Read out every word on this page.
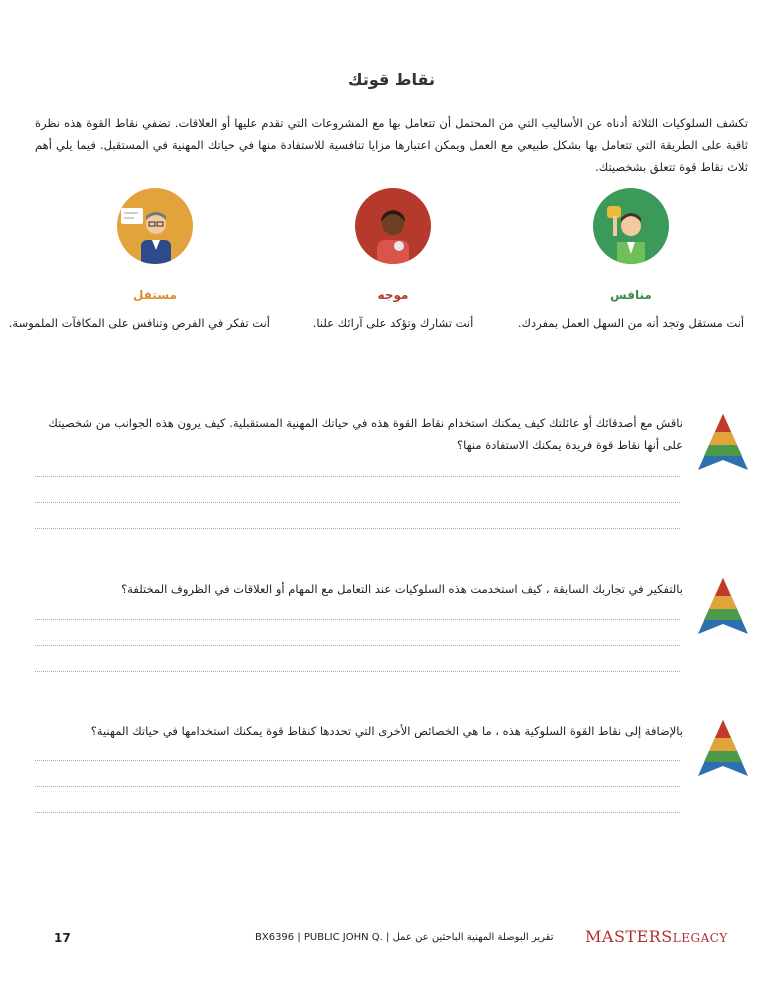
نقاط قوتك
تكشف السلوكيات الثلاثة أدناه عن الأساليب التي من المحتمل أن تتعامل بها مع المشروعات التي تقدم عليها أو العلاقات. تضفي نقاط القوة هذه نظرة ثاقبة على الطريقة التي تتعامل بها بشكل طبيعي مع العمل ويمكن اعتبارها مزايا تنافسية للاستفادة منها في حياتك المهنية في المستقبل. فيما يلي أهم ثلاث نقاط قوة تتعلق بشخصيتك.
منافس
أنت مستقل وتجد أنه من السهل العمل بمفردك.
موجه
أنت تشارك وتؤكد على آرائك علنا.
مستقل
أنت تفكر في الفرص وتنافس على المكافآت الملموسة.
ناقش مع أصدقائك أو عائلتك كيف يمكنك استخدام نقاط القوة هذه في حياتك المهنية المستقبلية. كيف يرون هذه الجوانب من شخصيتك على أنها نقاط قوة فريدة يمكنك الاستفادة منها؟
بالتفكير في تجاربك السابقة ، كيف استخدمت هذه السلوكيات عند التعامل مع المهام أو العلاقات في الظروف المختلفة؟
بالإضافة إلى نقاط القوة السلوكية هذه ، ما هي الخصائص الأخرى التي تحددها كنقاط قوة يمكنك استخدامها في حياتك المهنية؟
17	BX6396 | PUBLIC JOHN Q. | تقرير البوصلة المهنية الباحثين عن عمل MASTERSLEGACY
